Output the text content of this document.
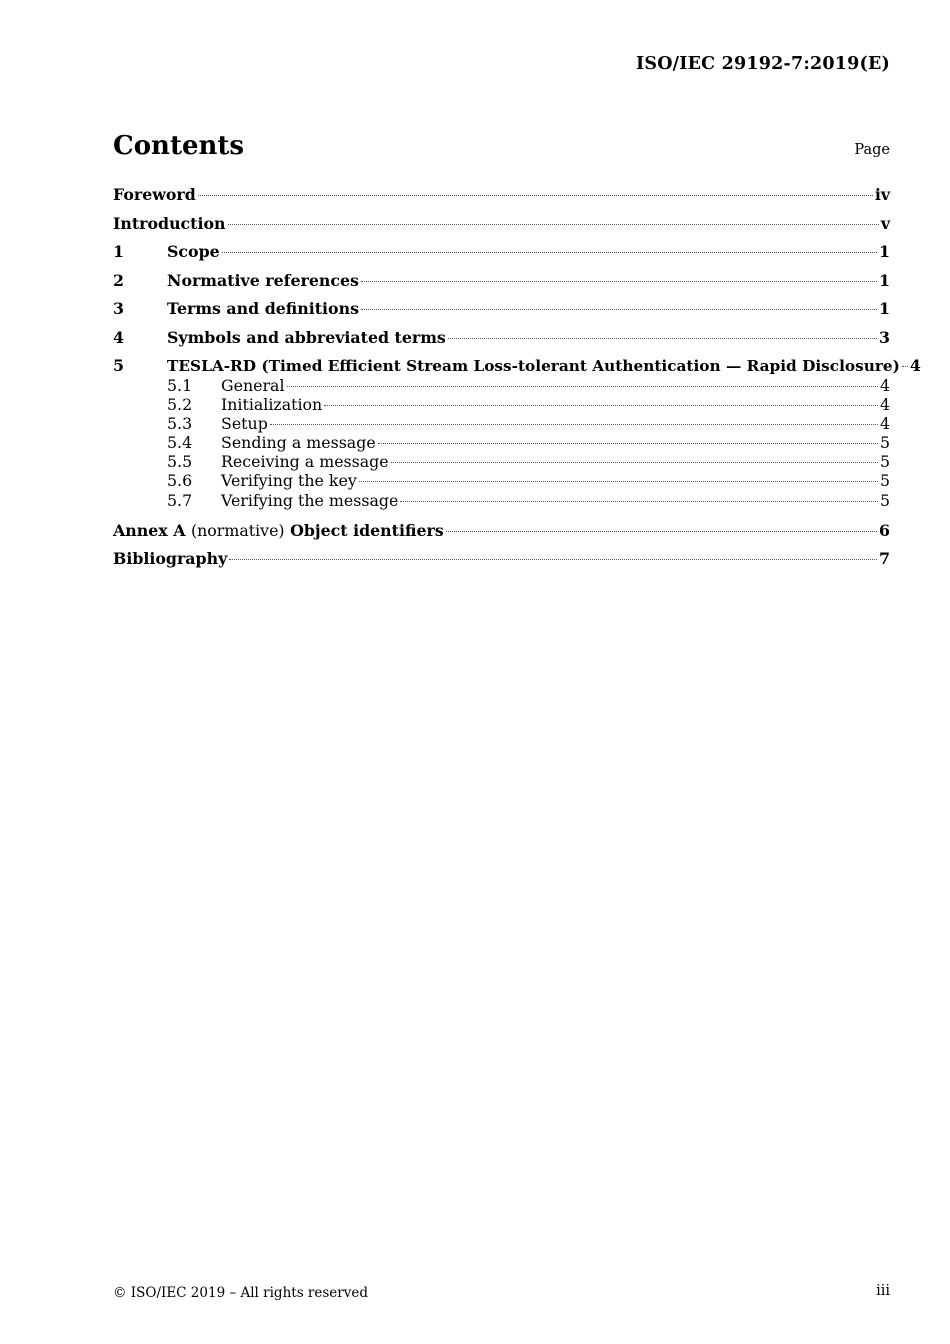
ISO/IEC 29192-7:2019(E)
Contents	Page
Foreword	iv
Introduction	v
1	Scope	1
2	Normative references	1
3	Terms and definitions	1
4	Symbols and abbreviated terms	3
5	TESLA-RD (Timed Efficient Stream Loss-tolerant Authentication — Rapid Disclosure) 4
5.1	General	4
5.2	Initialization	4
5.3	Setup	4
5.4	Sending a message	5
5.5	Receiving a message	5
5.6	Verifying the key	5
5.7	Verifying the message	5
Annex A (normative) Object identifiers	6
Bibliography	7
© ISO/IEC 2019 – All rights reserved	iii
